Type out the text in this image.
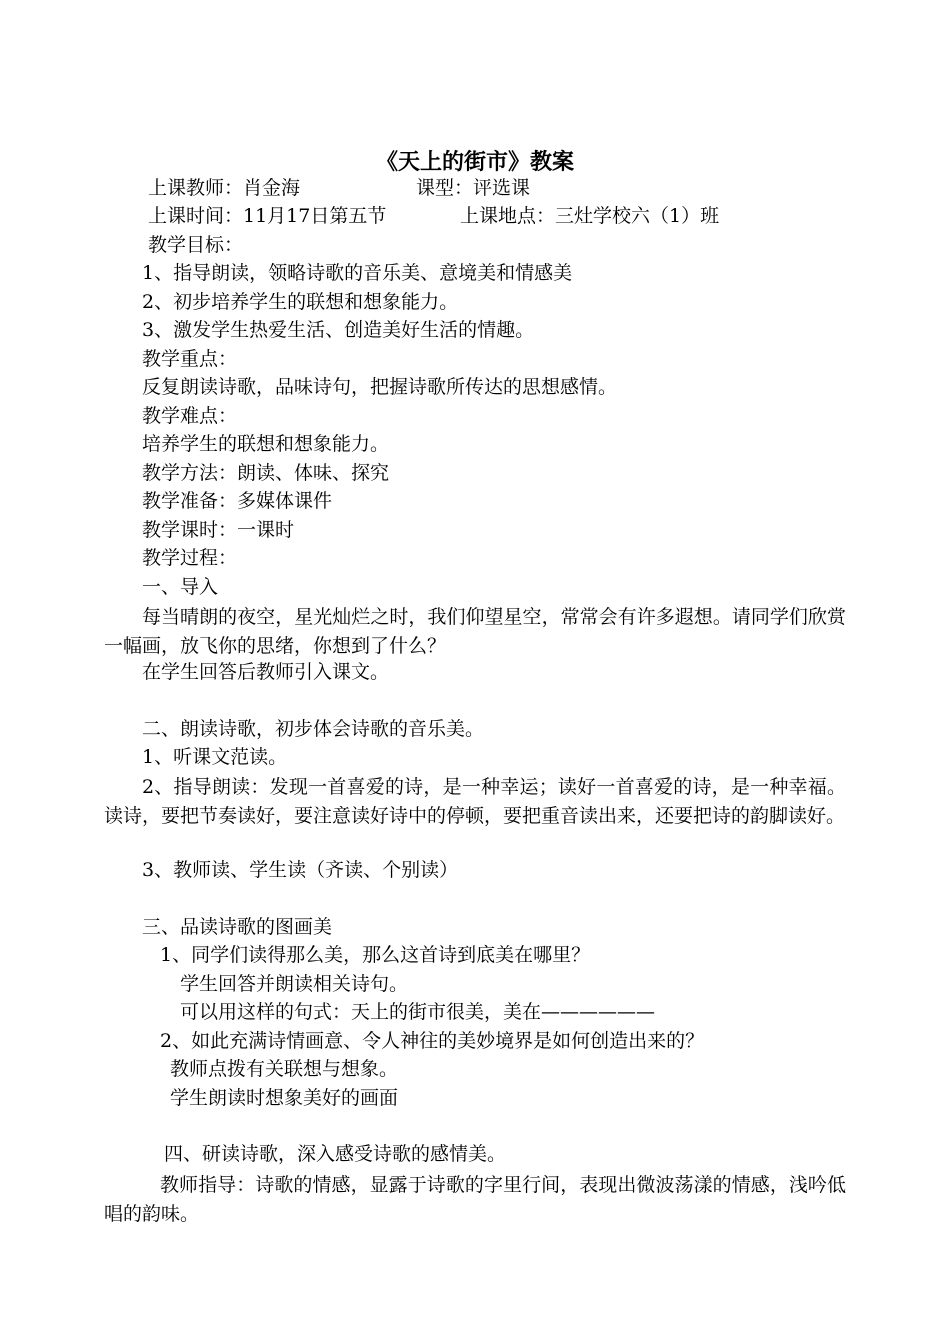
《天上的街市》教案
上课教师：肖金海	课型：评选课
上课时间：11月17日第五节	上课地点：三灶学校六（1）班
教学目标：
1、指导朗读，领略诗歌的音乐美、意境美和情感美
2、初步培养学生的联想和想象能力。
3、激发学生热爱生活、创造美好生活的情趣。
教学重点：
反复朗读诗歌，品味诗句，把握诗歌所传达的思想感情。
教学难点：
培养学生的联想和想象能力。
教学方法：朗读、体味、探究
教学准备：多媒体课件
教学课时：一课时
教学过程：
一、导入
每当晴朗的夜空，星光灿烂之时，我们仰望星空，常常会有许多遐想。请同学们欣赏一幅画，放飞你的思绪，你想到了什么？
在学生回答后教师引入课文。
二、朗读诗歌，初步体会诗歌的音乐美。
1、听课文范读。
2、指导朗读：发现一首喜爱的诗，是一种幸运；读好一首喜爱的诗，是一种幸福。读诗，要把节奏读好，要注意读好诗中的停顿，要把重音读出来，还要把诗的韵脚读好。
3、教师读、学生读（齐读、个别读）
三、品读诗歌的图画美
1、同学们读得那么美，那么这首诗到底美在哪里？
学生回答并朗读相关诗句。
可以用这样的句式：天上的街市很美，美在——————
2、如此充满诗情画意、令人神往的美妙境界是如何创造出来的？
教师点拨有关联想与想象。
学生朗读时想象美好的画面
四、研读诗歌，深入感受诗歌的感情美。
教师指导：诗歌的情感，显露于诗歌的字里行间，表现出微波荡漾的情感，浅吟低唱的韵味。
